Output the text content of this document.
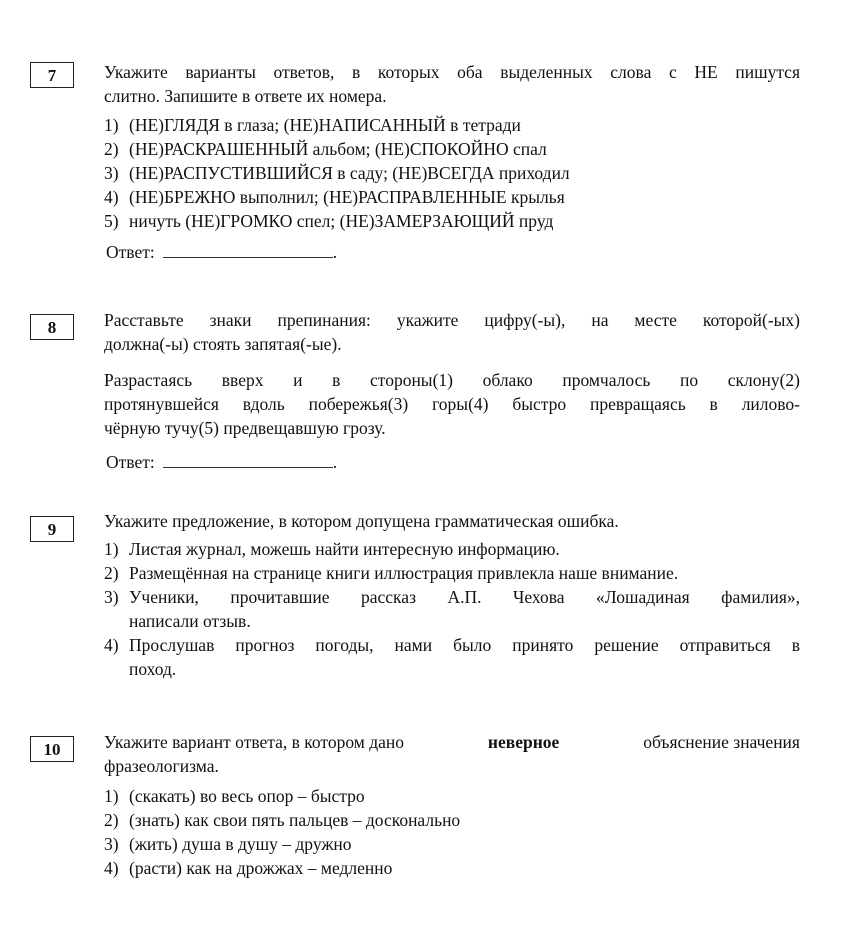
7	Укажите варианты ответов, в которых оба выделенных слова с НЕ пишутся
слитно. Запишите в ответе их номера.
1) (НЕ)ГЛЯДЯ в глаза; (НЕ)НАПИСАННЫЙ в тетради
2) (НЕ)РАСКРАШЕННЫЙ альбом; (НЕ)СПОКОЙНО спал
3) (НЕ)РАСПУСТИВШИЙСЯ в саду; (НЕ)ВСЕГДА приходил
4) (НЕ)БРЕЖНО выполнил; (НЕ)РАСПРАВЛЕННЫЕ крылья
5) ничуть (НЕ)ГРОМКО спел; (НЕ)ЗАМЕРЗАЮЩИЙ пруд
Ответ:	.
8	Расставьте знаки препинания: укажите цифру(-ы), на месте которой(-ых)
должна(-ы) стоять запятая(-ые).
Разрастаясь вверх и в стороны(1) облако промчалось по склону(2)
протянувшейся вдоль побережья(3) горы(4) быстро превращаясь в лилово-
чёрную тучу(5) предвещавшую грозу.
Ответ:	.
9	Укажите предложение, в котором допущена грамматическая ошибка.
1) Листая журнал, можешь найти интересную информацию.
2) Размещённая на странице книги иллюстрация привлекла наше внимание.
3) Ученики, прочитавшие рассказ А.П. Чехова «Лошадиная фамилия»,
написали отзыв.
4) Прослушав прогноз погоды, нами было принято решение отправиться в
поход.
10	Укажите вариант ответа, в котором дано	неверное	объяснение значения
фразеологизма.
1) (скакать) во весь опор – быстро
2) (знать) как свои пять пальцев – досконально
3) (жить) душа в душу – дружно
4) (расти) как на дрожжах – медленно
